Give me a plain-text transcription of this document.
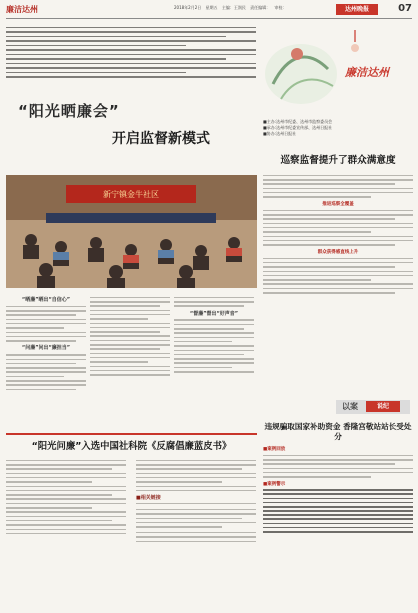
廉洁达州	2018年2月2日 星期五 主编：王润民 责任编辑： 审校：	达州晚报	07
“阳光晒廉会”
开启监督新模式
新宁镇金牛社区
“晒廉”晒出“自信心”
“问廉”问出“廉担当”
“督廉”督出“好声音”
“阳光问廉”入选中国社科院《反腐倡廉蓝皮书》
■相关链接
廉洁达州
■主办:达州市纪委、达州市监察委员会
■承办:达州市纪委宣传部、达州日报社
■协办:达州日报社
巡察监督提升了群众满意度
推进巡察全覆盖
群众获得感直线上升
以案	说纪
违规骗取国家补助资金 香隆宫敬站站长受处分
■案例回放
■案例警示
